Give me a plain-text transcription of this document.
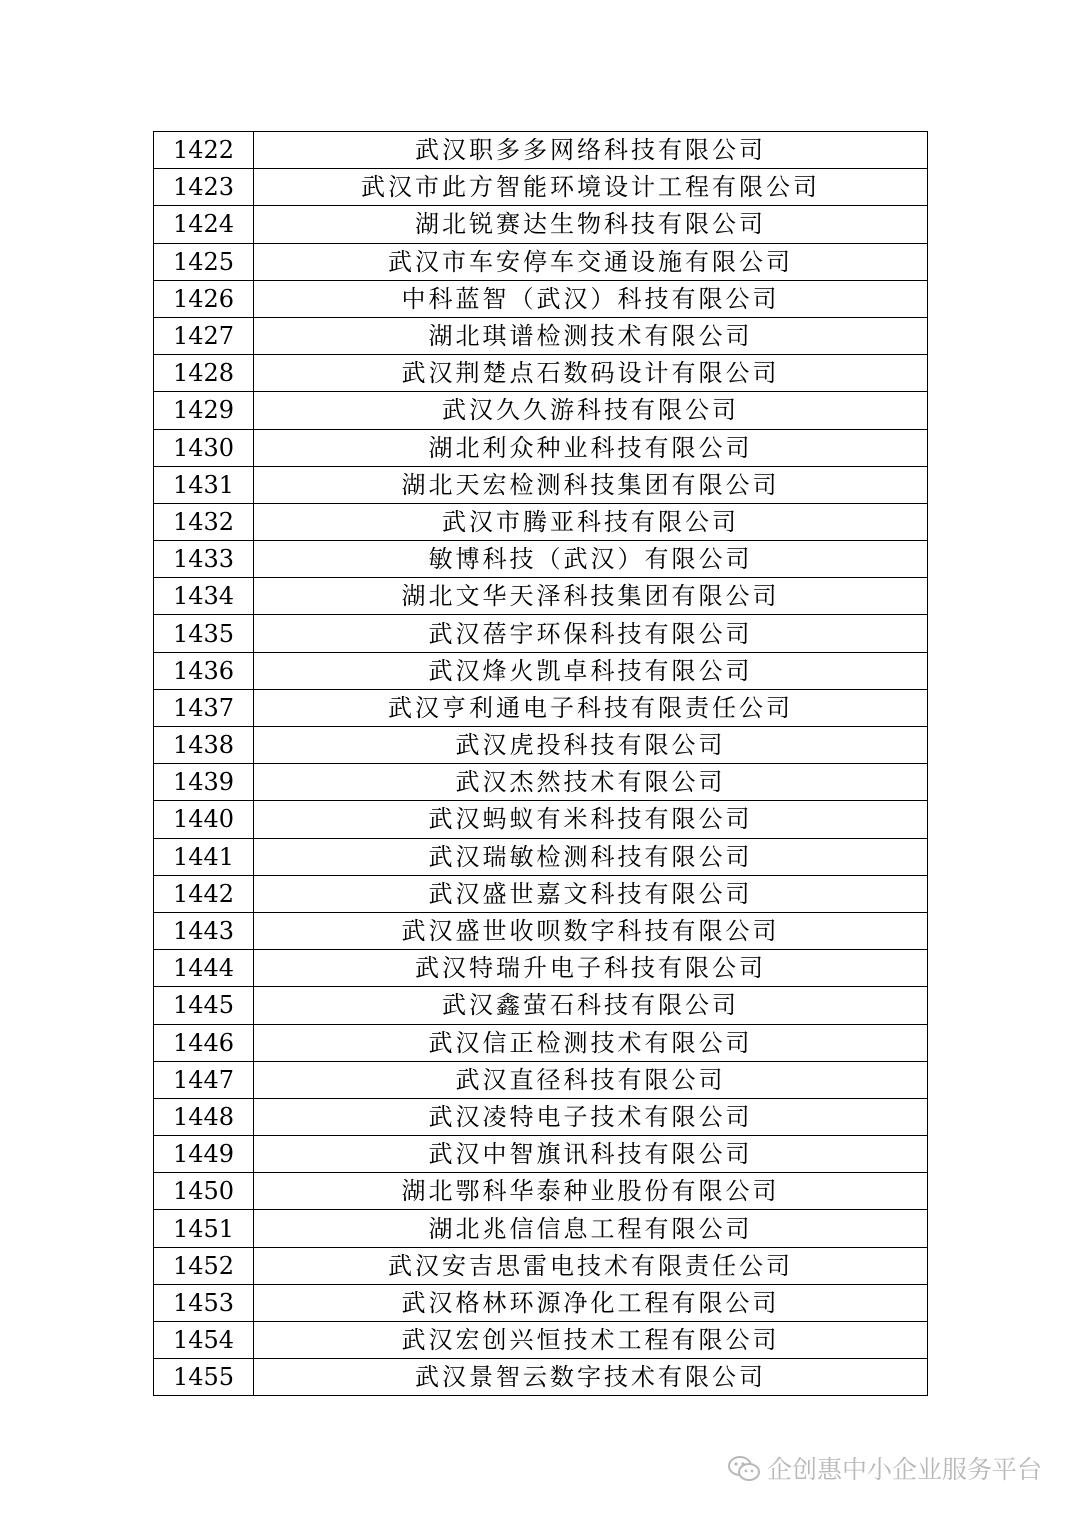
1422	武汉职多多网络科技有限公司
1423	武汉市此方智能环境设计工程有限公司
1424	湖北锐赛达生物科技有限公司
1425	武汉市车安停车交通设施有限公司
1426	中科蓝智（武汉）科技有限公司
1427	湖北琪谱检测技术有限公司
1428	武汉荆楚点石数码设计有限公司
1429	武汉久久游科技有限公司
1430	湖北利众种业科技有限公司
1431	湖北天宏检测科技集团有限公司
1432	武汉市腾亚科技有限公司
1433	敏博科技（武汉）有限公司
1434	湖北文华天泽科技集团有限公司
1435	武汉蓓宇环保科技有限公司
1436	武汉烽火凯卓科技有限公司
1437	武汉亨利通电子科技有限责任公司
1438	武汉虎投科技有限公司
1439	武汉杰然技术有限公司
1440	武汉蚂蚁有米科技有限公司
1441	武汉瑞敏检测科技有限公司
1442	武汉盛世嘉文科技有限公司
1443	武汉盛世收呗数字科技有限公司
1444	武汉特瑞升电子科技有限公司
1445	武汉鑫萤石科技有限公司
1446	武汉信正检测技术有限公司
1447	武汉直径科技有限公司
1448	武汉凌特电子技术有限公司
1449	武汉中智旗讯科技有限公司
1450	湖北鄂科华泰种业股份有限公司
1451	湖北兆信信息工程有限公司
1452	武汉安吉思雷电技术有限责任公司
1453	武汉格林环源净化工程有限公司
1454	武汉宏创兴恒技术工程有限公司
1455	武汉景智云数字技术有限公司
企创惠中小企业服务平台
